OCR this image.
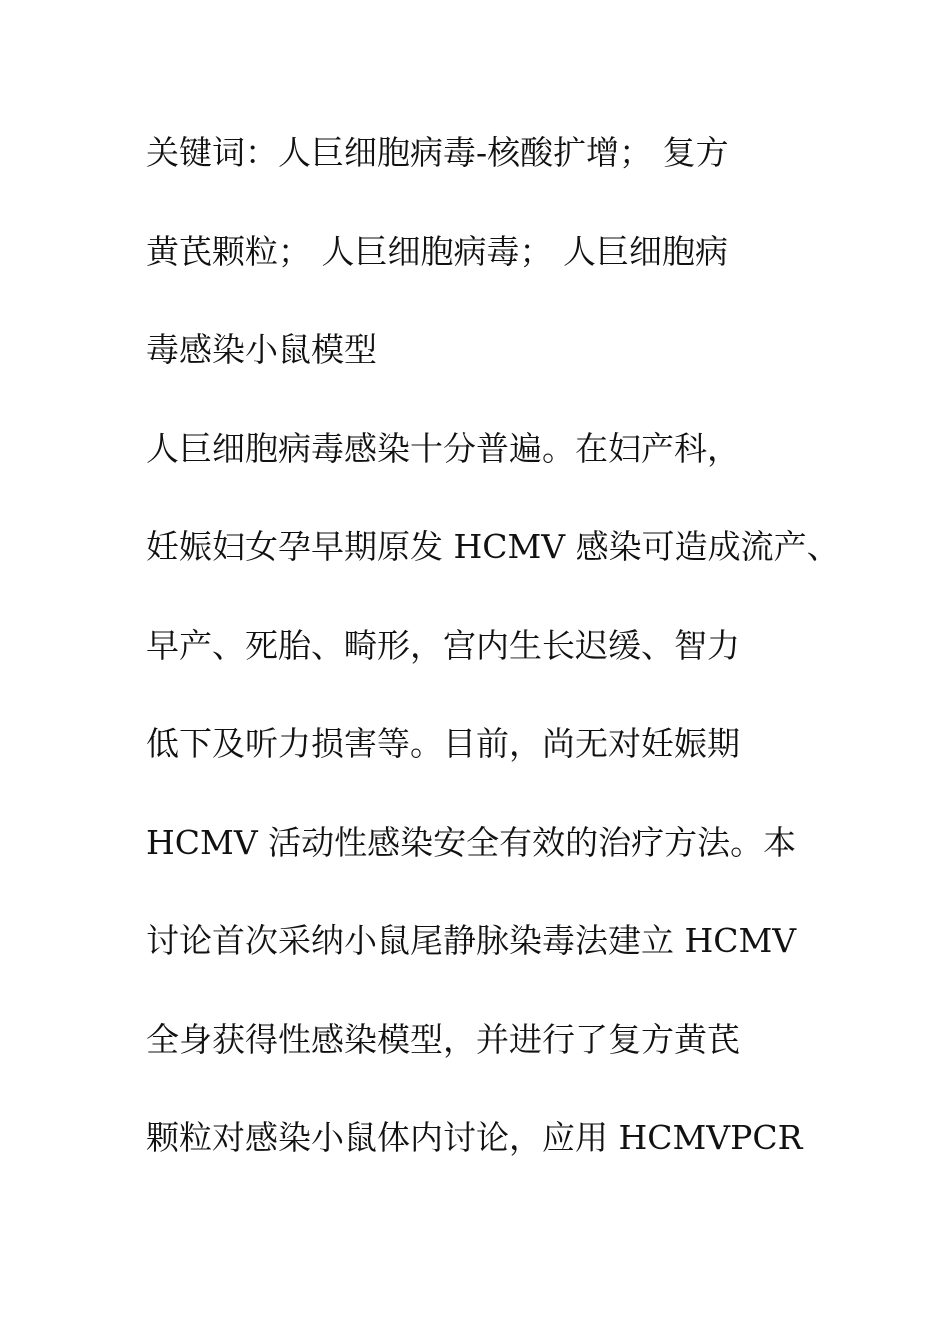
关键词：人巨细胞病毒-核酸扩增； 复方
黄芪颗粒； 人巨细胞病毒； 人巨细胞病
毒感染小鼠模型
人巨细胞病毒感染十分普遍。在妇产科，
妊娠妇女孕早期原发 HCMV 感染可造成流产、
早产、死胎、畸形，宫内生长迟缓、智力
低下及听力损害等。目前，尚无对妊娠期
HCMV 活动性感染安全有效的治疗方法。本
讨论首次采纳小鼠尾静脉染毒法建立 HCMV
全身获得性感染模型，并进行了复方黄芪
颗粒对感染小鼠体内讨论，应用 HCMVPCR
